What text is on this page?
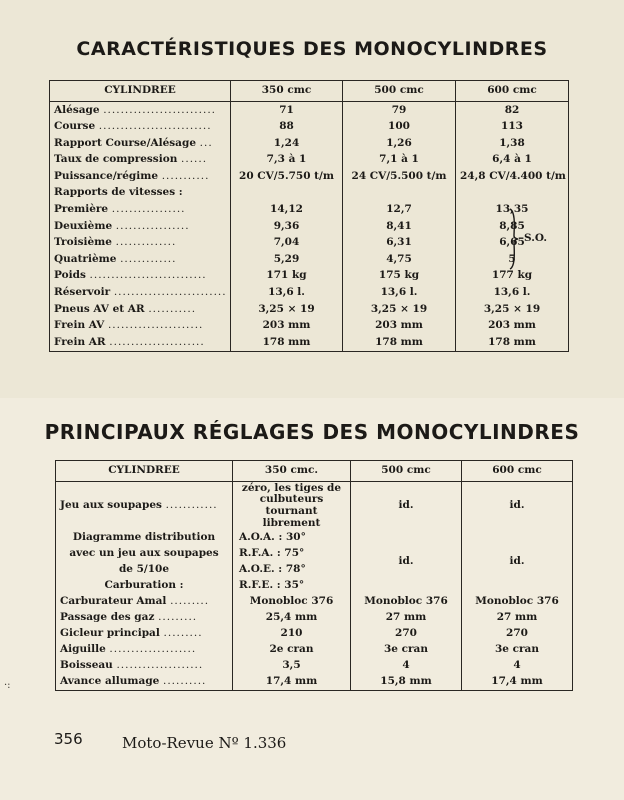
CARACTÉRISTIQUES DES MONOCYLINDRES
CYLINDREE	350 cmc	500 cmc	600 cmc
Alésage ..........................	71	79	82
Course ..........................	88	100	113
Rapport Course/Alésage ...	1,24	1,26	1,38
Taux de compression ......	7,3 à 1	7,1 à 1	6,4 à 1
Puissance/régime ...........	20 CV/5.750 t/m	24 CV/5.500 t/m	24,8 CV/4.400 t/m
Rapports de vitesses :			
Première .................	14,12	12,7	13,35
Deuxième .................	9,36	8,41	8,85
Troisième ..............	7,04	6,31	6,65
Quatrième .............	5,29	4,75	5
Poids ...........................	171 kg	175 kg	177 kg
Réservoir ..........................	13,6 l.	13,6 l.	13,6 l.
Pneus AV et AR ...........	3,25 × 19	3,25 × 19	3,25 × 19
Frein AV ......................	203 mm	203 mm	203 mm
Frein AR ......................	178 mm	178 mm	178 mm
S.O.
PRINCIPAUX RÉGLAGES DES MONOCYLINDRES
CYLINDREE	350 cmc.	500 cmc	600 cmc
Jeu aux soupapes ............	zéro, les tiges de culbuteurs tournant librement	id.	id.
Diagramme distribution	A.O.A. : 30°	id.	id.
avec un jeu aux soupapes	R.F.A. : 75°		
de 5/10e	A.O.E. : 78°		
Carburation :	R.F.E. : 35°		
Carburateur Amal .........	Monobloc 376	Monobloc 376	Monobloc 376
Passage des gaz .........	25,4 mm	27 mm	27 mm
Gicleur principal .........	210	270	270
Aiguille ....................	2e cran	3e cran	3e cran
Boisseau ....................	3,5	4	4
Avance allumage ..........	17,4 mm	15,8 mm	17,4 mm
356	Moto-Revue Nº 1.336
·:
